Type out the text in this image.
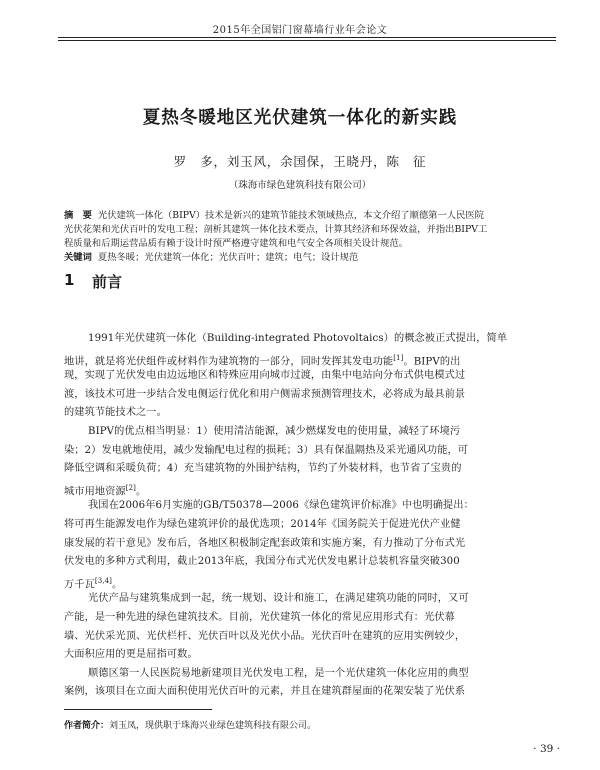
2015年全国铝门窗幕墙行业年会论文
夏热冬暖地区光伏建筑一体化的新实践
罗　多，刘玉风，余国保，王晓丹，陈　征
（珠海市绿色建筑科技有限公司）
摘　要 光伏建筑一体化（BIPV）技术是新兴的建筑节能技术领域热点，本文介绍了顺德第一人民医院
光伏花架和光伏百叶的发电工程；剖析其建筑一体化技术要点，计算其经济和环保效益，并指出BIPV工
程质量和后期运营品质有赖于设计时预严格遵守建筑和电气安全各项相关设计规范。
关键词 夏热冬暖；光伏建筑一体化；光伏百叶；建筑；电气；设计规范
1 前言
1991年光伏建筑一体化（Building-integrated Photovoltaics）的概念被正式提出，简单
地讲，就是将光伏组件或材料作为建筑物的一部分，同时发挥其发电功能[1]。BIPV的出
现，实现了光伏发电由边远地区和特殊应用向城市过渡，由集中电站向分布式供电模式过
渡，该技术可进一步结合发电侧运行优化和用户侧需求预测管理技术，必将成为最具前景
的建筑节能技术之一。
BIPV的优点相当明显：1）使用清洁能源，减少燃煤发电的使用量，减轻了环境污
染；2）发电就地使用，减少发输配电过程的损耗；3）具有保温隔热及采光通风功能，可
降低空调和采暖负荷；4）充当建筑物的外围护结构，节约了外装材料，也节省了宝贵的
城市用地资源[2]。
我国在2006年6月实施的GB/T50378—2006《绿色建筑评价标准》中也明确提出：
将可再生能源发电作为绿色建筑评价的最优选项；2014年《国务院关于促进光伏产业健
康发展的若干意见》发布后，各地区积极制定配套政策和实施方案，有力推动了分布式光
伏发电的多种方式利用，截止2013年底，我国分布式光伏发电累计总装机容量突破300
万千瓦[3,4]。
光伏产品与建筑集成到一起，统一规划、设计和施工，在满足建筑功能的同时，又可
产能，是一种先进的绿色建筑技术。目前，光伏建筑一体化的常见应用形式有：光伏幕
墙、光伏采光顶、光伏栏杆、光伏百叶以及光伏小品。光伏百叶在建筑的应用实例较少，
大面积应用的更是屈指可数。
顺德区第一人民医院易地新建项目光伏发电工程，是一个光伏建筑一体化应用的典型
案例，该项目在立面大面积使用光伏百叶的元素，并且在建筑群屋面的花架安装了光伏系
作者简介：刘玉凤，现供职于珠海兴业绿色建筑科技有限公司。
· 39 ·
